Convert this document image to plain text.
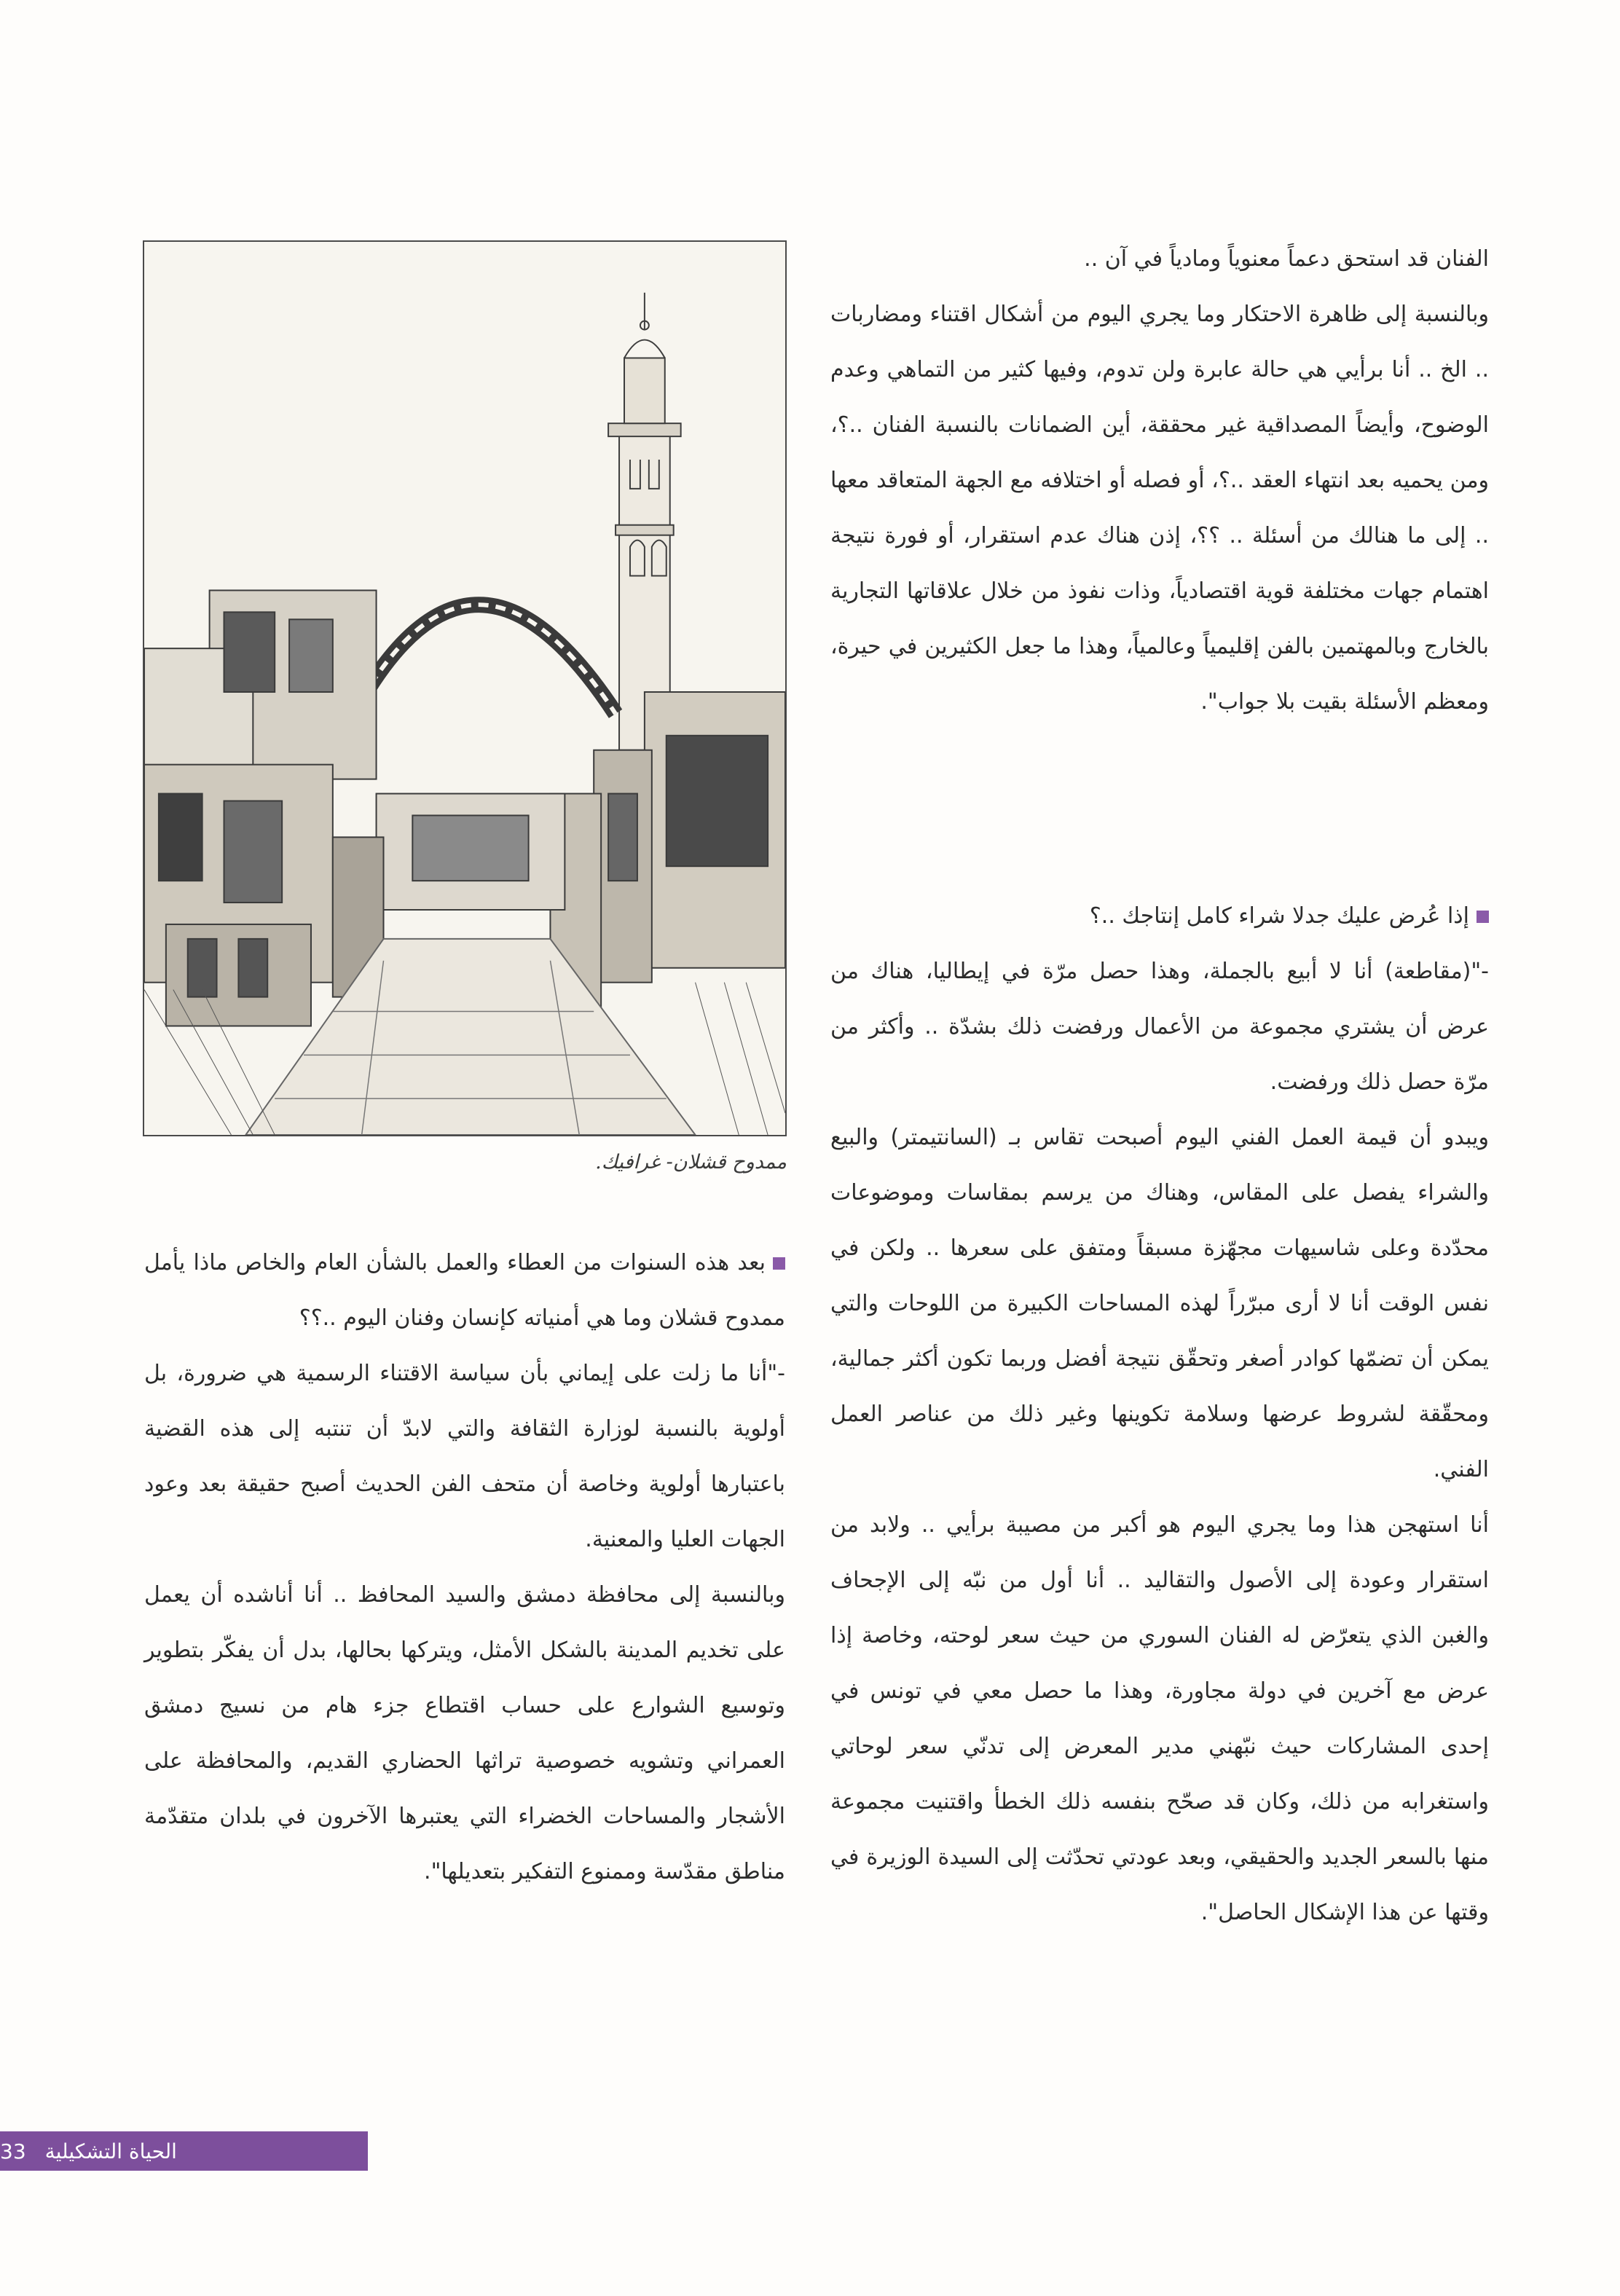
الفنان قد استحق دعماً معنوياً ومادياً في آن ..

وبالنسبة إلى ظاهرة الاحتكار وما يجري اليوم من أشكال اقتناء ومضاربات .. الخ .. أنا برأيي هي حالة عابرة ولن تدوم، وفيها كثير من التماهي وعدم الوضوح، وأيضاً المصداقية غير محققة، أين الضمانات بالنسبة الفنان ..؟، ومن يحميه بعد انتهاء العقد ..؟، أو فصله أو اختلافه مع الجهة المتعاقد معها .. إلى ما هنالك من أسئلة .. ؟؟، إذن هناك عدم استقرار، أو فورة نتيجة اهتمام جهات مختلفة قوية اقتصادياً، وذات نفوذ من خلال علاقاتها التجارية بالخارج وبالمهتمين بالفن إقليمياً وعالمياً، وهذا ما جعل الكثيرين في حيرة، ومعظم الأسئلة بقيت بلا جواب".

إذا عُرض عليك جدلا شراء كامل إنتاجك ..؟

-"(مقاطعة) أنا لا أبيع بالجملة، وهذا حصل مرّة في إيطاليا، هناك من عرض أن يشتري مجموعة من الأعمال ورفضت ذلك بشدّة .. وأكثر من مرّة حصل ذلك ورفضت.

ويبدو أن قيمة العمل الفني اليوم أصبحت تقاس بـ (السانتيمتر) والبيع والشراء يفصل على المقاس، وهناك من يرسم بمقاسات وموضوعات محدّدة وعلى شاسيهات مجهّزة مسبقاً ومتفق على سعرها .. ولكن في نفس الوقت أنا لا أرى مبرّراً لهذه المساحات الكبيرة من اللوحات والتي يمكن أن تضمّها كوادر أصغر وتحقّق نتيجة أفضل وربما تكون أكثر جمالية، ومحقّقة لشروط عرضها وسلامة تكوينها وغير ذلك من عناصر العمل الفني.

أنا استهجن هذا وما يجري اليوم هو أكبر من مصيبة برأيي .. ولابد من استقرار وعودة إلى الأصول والتقاليد .. أنا أول من نبّه إلى الإجحاف والغبن الذي يتعرّض له الفنان السوري من حيث سعر لوحته، وخاصة إذا عرض مع آخرين في دولة مجاورة، وهذا ما حصل معي في تونس في إحدى المشاركات حيث نبّهني مدير المعرض إلى تدنّي سعر لوحاتي واستغرابه من ذلك، وكان قد صحّح بنفسه ذلك الخطأ واقتنيت مجموعة منها بالسعر الجديد والحقيقي، وبعد عودتي تحدّثت إلى السيدة الوزيرة في وقتها عن هذا الإشكال الحاصل".

ممدوح قشلان- غرافيك.

بعد هذه السنوات من العطاء والعمل بالشأن العام والخاص ماذا يأمل ممدوح قشلان وما هي أمنياته كإنسان وفنان اليوم ..؟؟

-"أنا ما زلت على إيماني بأن سياسة الاقتناء الرسمية هي ضرورة، بل أولوية بالنسبة لوزارة الثقافة والتي لابدّ أن تنتبه إلى هذه القضية باعتبارها أولوية وخاصة أن متحف الفن الحديث أصبح حقيقة بعد وعود الجهات العليا والمعنية.

وبالنسبة إلى محافظة دمشق والسيد المحافظ .. أنا أناشده أن يعمل على تخديم المدينة بالشكل الأمثل، ويتركها بحالها، بدل أن يفكّر بتطوير وتوسيع الشوارع على حساب اقتطاع جزء هام من نسيج دمشق العمراني وتشويه خصوصية تراثها الحضاري القديم، والمحافظة على الأشجار والمساحات الخضراء التي يعتبرها الآخرون في بلدان متقدّمة مناطق مقدّسة وممنوع التفكير بتعديلها".

الحياة التشكيلية
33
